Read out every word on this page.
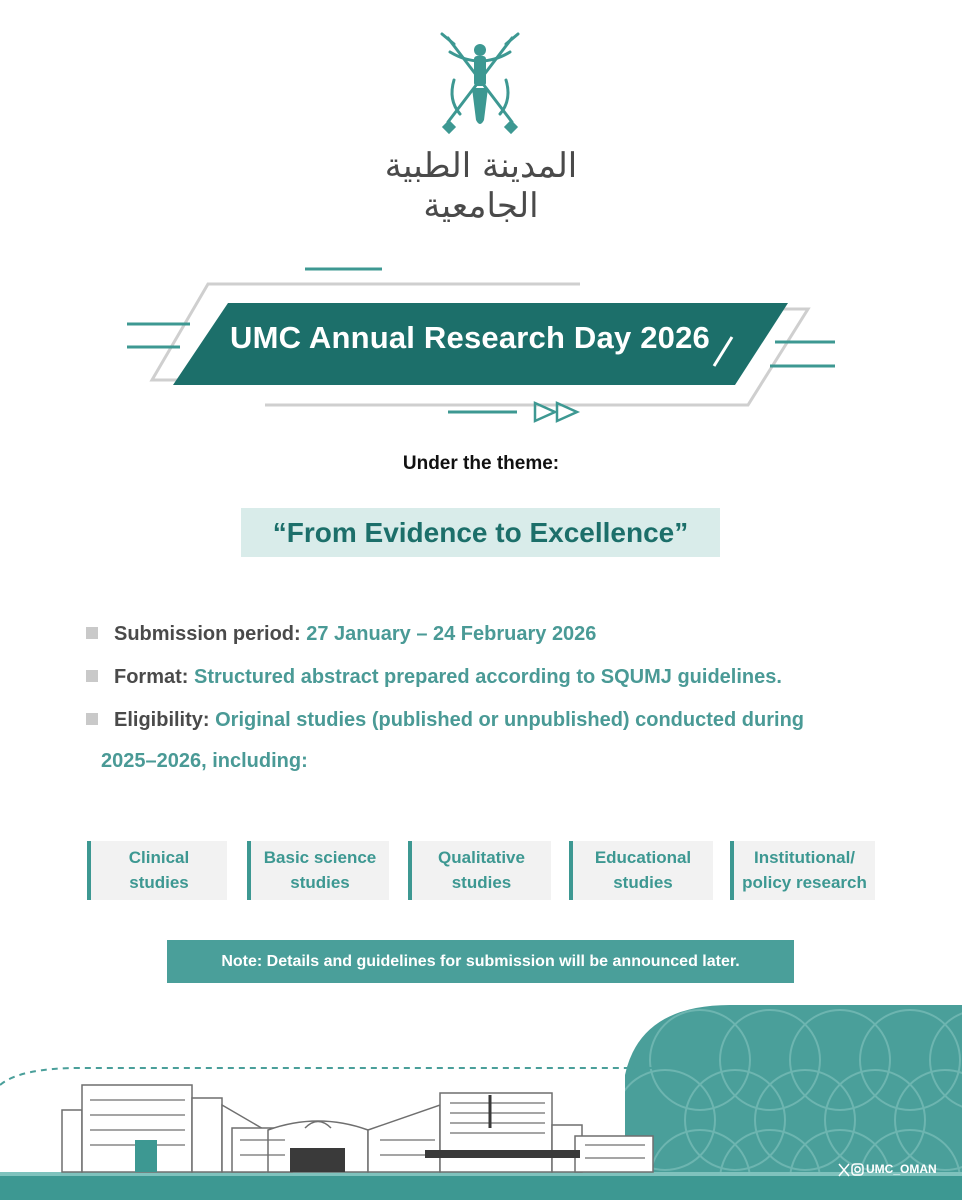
المدينة الطبية الجامعية
UMC Annual Research Day 2026
Under the theme:
“From Evidence to Excellence”
Submission period: 27 January – 24 February 2026
Format: Structured abstract prepared according to SQUMJ guidelines.
Eligibility: Original studies (published or unpublished) conducted during
2025–2026, including:
Clinical
studies
Basic science
studies
Qualitative
studies
Educational
studies
Institutional/
policy research
Note: Details and guidelines for submission will be announced later.
UMC_OMAN
